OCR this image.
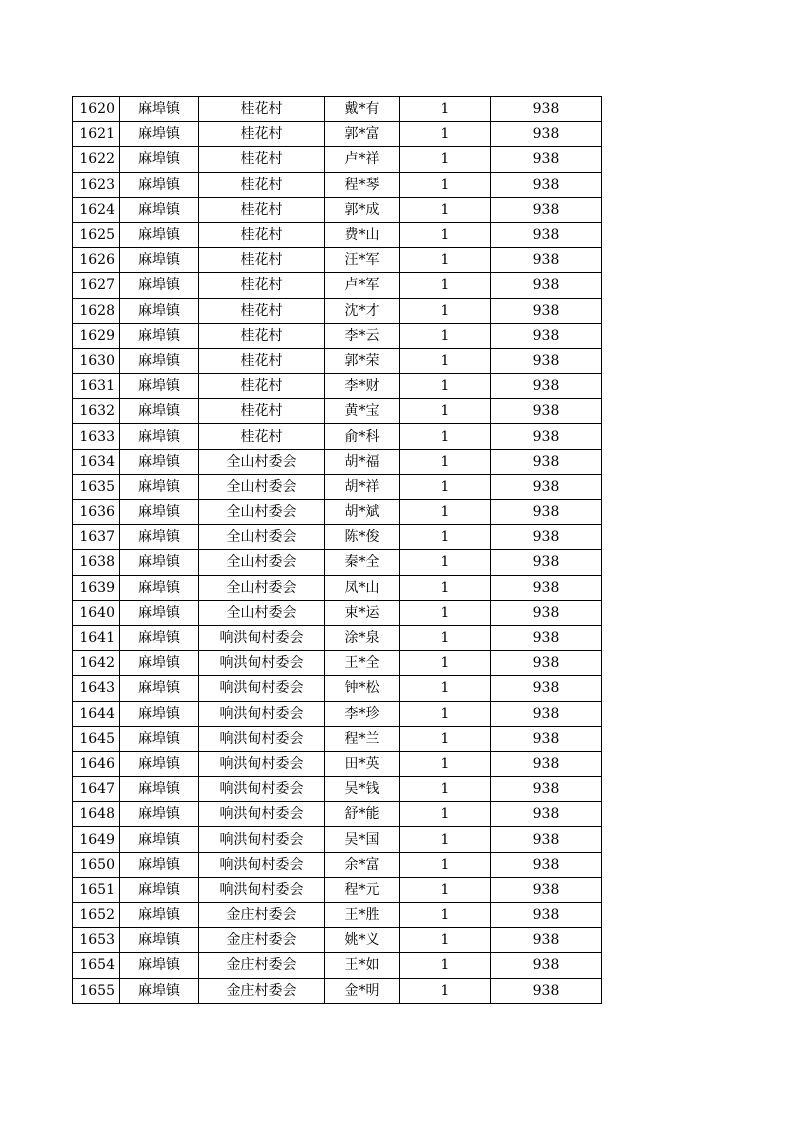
1620	麻埠镇	桂花村	戴*有	1	938
1621	麻埠镇	桂花村	郭*富	1	938
1622	麻埠镇	桂花村	卢*祥	1	938
1623	麻埠镇	桂花村	程*琴	1	938
1624	麻埠镇	桂花村	郭*成	1	938
1625	麻埠镇	桂花村	费*山	1	938
1626	麻埠镇	桂花村	汪*军	1	938
1627	麻埠镇	桂花村	卢*军	1	938
1628	麻埠镇	桂花村	沈*才	1	938
1629	麻埠镇	桂花村	李*云	1	938
1630	麻埠镇	桂花村	郭*荣	1	938
1631	麻埠镇	桂花村	李*财	1	938
1632	麻埠镇	桂花村	黄*宝	1	938
1633	麻埠镇	桂花村	俞*科	1	938
1634	麻埠镇	全山村委会	胡*福	1	938
1635	麻埠镇	全山村委会	胡*祥	1	938
1636	麻埠镇	全山村委会	胡*斌	1	938
1637	麻埠镇	全山村委会	陈*俊	1	938
1638	麻埠镇	全山村委会	秦*全	1	938
1639	麻埠镇	全山村委会	凤*山	1	938
1640	麻埠镇	全山村委会	束*运	1	938
1641	麻埠镇	响洪甸村委会	涂*泉	1	938
1642	麻埠镇	响洪甸村委会	王*全	1	938
1643	麻埠镇	响洪甸村委会	钟*松	1	938
1644	麻埠镇	响洪甸村委会	李*珍	1	938
1645	麻埠镇	响洪甸村委会	程*兰	1	938
1646	麻埠镇	响洪甸村委会	田*英	1	938
1647	麻埠镇	响洪甸村委会	吴*钱	1	938
1648	麻埠镇	响洪甸村委会	舒*能	1	938
1649	麻埠镇	响洪甸村委会	吴*国	1	938
1650	麻埠镇	响洪甸村委会	余*富	1	938
1651	麻埠镇	响洪甸村委会	程*元	1	938
1652	麻埠镇	金庄村委会	王*胜	1	938
1653	麻埠镇	金庄村委会	姚*义	1	938
1654	麻埠镇	金庄村委会	王*如	1	938
1655	麻埠镇	金庄村委会	金*明	1	938
